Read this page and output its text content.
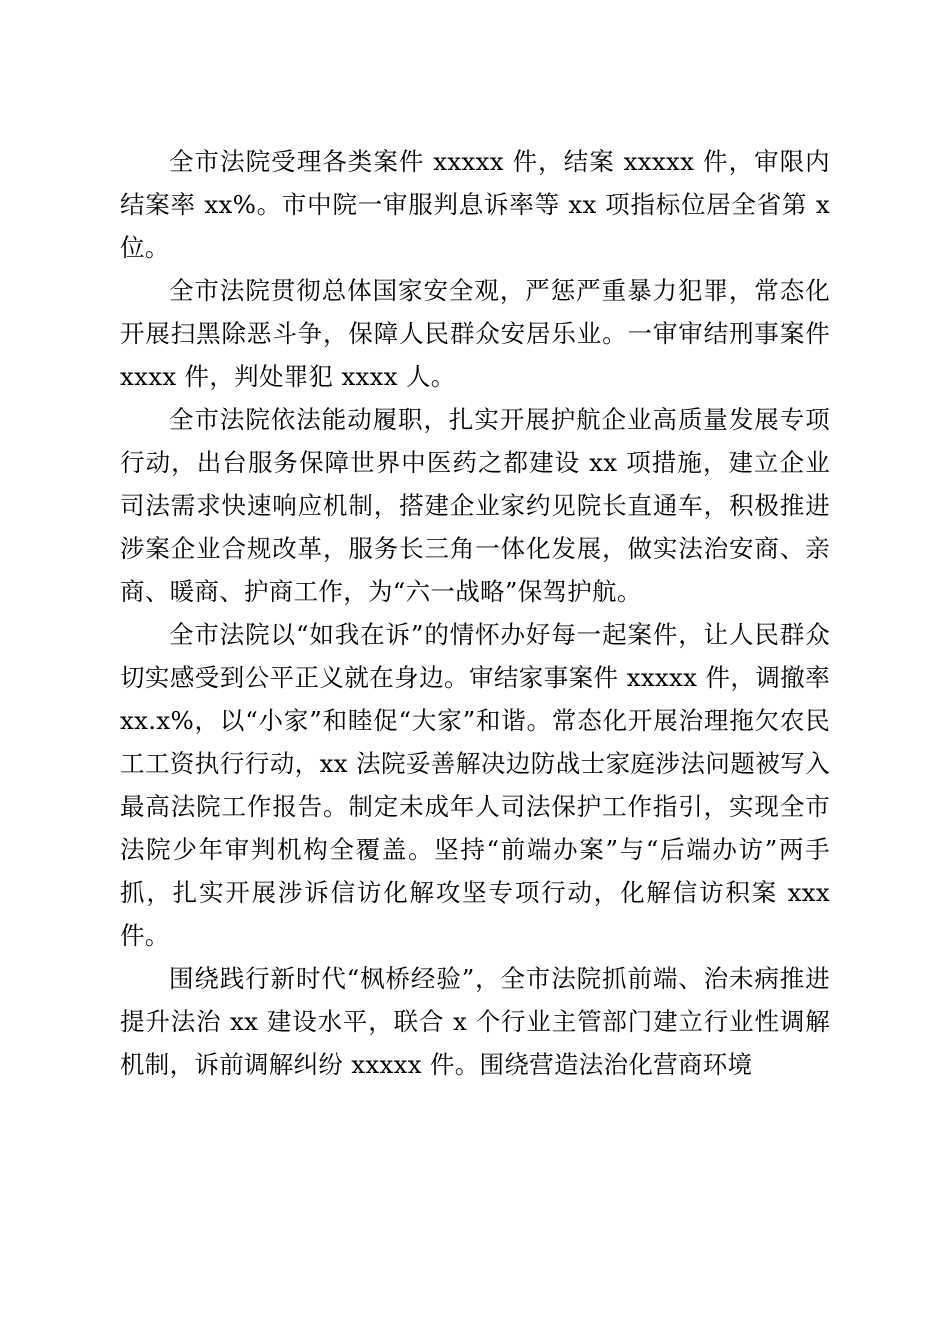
全市法院受理各类案件 xxxxx 件，结案 xxxxx 件，审限内结案率 xx%。市中院一审服判息诉率等 xx 项指标位居全省第 x 位。

全市法院贯彻总体国家安全观，严惩严重暴力犯罪，常态化开展扫黑除恶斗争，保障人民群众安居乐业。一审审结刑事案件 xxxx 件，判处罪犯 xxxx 人。

全市法院依法能动履职，扎实开展护航企业高质量发展专项行动，出台服务保障世界中医药之都建设 xx 项措施，建立企业司法需求快速响应机制，搭建企业家约见院长直通车，积极推进涉案企业合规改革，服务长三角一体化发展，做实法治安商、亲商、暖商、护商工作，为“六一战略”保驾护航。

全市法院以“如我在诉”的情怀办好每一起案件，让人民群众切实感受到公平正义就在身边。审结家事案件 xxxxx 件，调撤率 xx.x%，以“小家”和睦促“大家”和谐。常态化开展治理拖欠农民工工资执行行动，xx 法院妥善解决边防战士家庭涉法问题被写入最高法院工作报告。制定未成年人司法保护工作指引，实现全市法院少年审判机构全覆盖。坚持“前端办案”与“后端办访”两手抓，扎实开展涉诉信访化解攻坚专项行动，化解信访积案 xxx 件。

围绕践行新时代“枫桥经验”，全市法院抓前端、治未病推进提升法治 xx 建设水平，联合 x 个行业主管部门建立行业性调解机制，诉前调解纠纷 xxxxx 件。围绕营造法治化营商环境
